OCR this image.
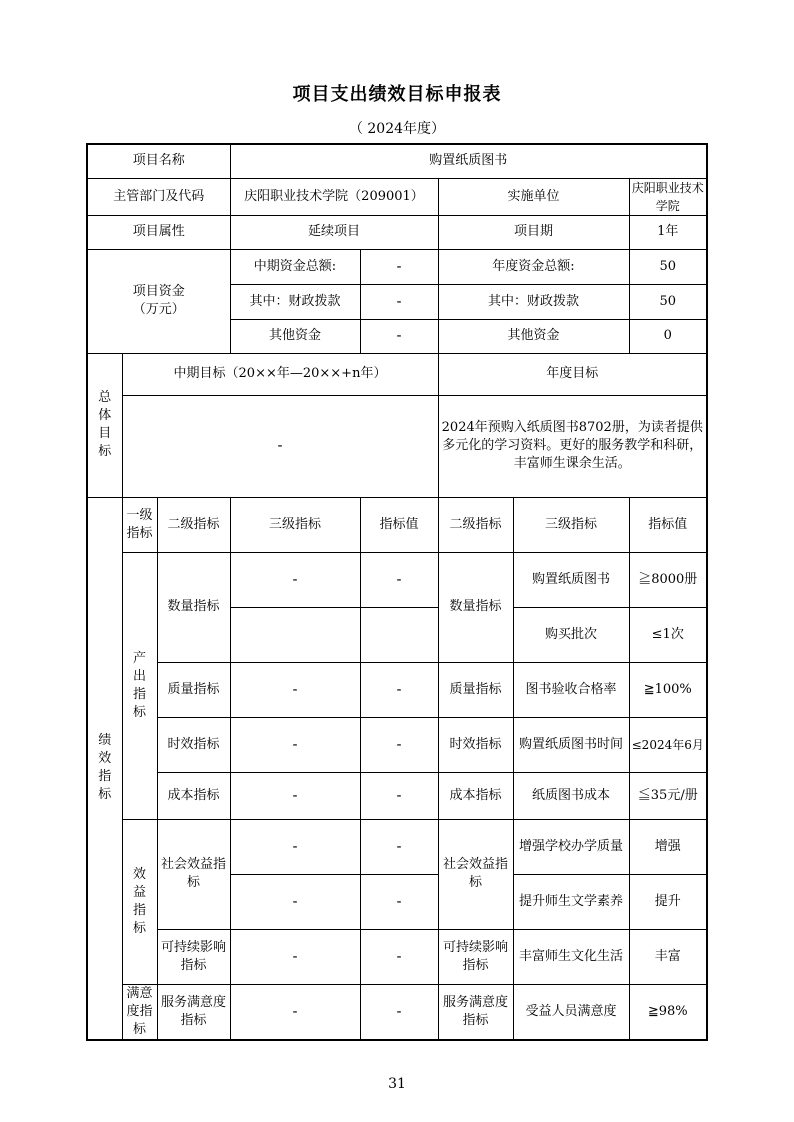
项目支出绩效目标申报表
（ 2024年度）
项目名称			购置纸质图书				
主管部门及代码			庆阳职业技术学院（209001）		实施单位		庆阳职业技术学院
项目属性			延续项目		项目期		1年
项目资金
（万元）			中期资金总额:	-	年度资金总额:		50
			其中：财政拨款	-	其中：财政拨款		50
			其他资金	-	其他资金		0
总体目标	中期目标（20××年—20××+n年）				年度目标		
	-				2024年预购入纸质图书8702册，为读者提供多元化的学习资料。更好的服务教学和科研，丰富师生课余生活。		
绩效指标	一级指标	二级指标	三级指标	指标值	二级指标	三级指标	指标值
	产出指标	数量指标	-	-	数量指标	购置纸质图书	≧8000册
						购买批次	≤1次
		质量指标	-	-	质量指标	图书验收合格率	≧100%
		时效指标	-	-	时效指标	购置纸质图书时间	≤2024年6月
		成本指标	-	-	成本指标	纸质图书成本	≦35元/册
	效益指标	社会效益指标	-	-	社会效益指标	增强学校办学质量	增强
			-	-		提升师生文学素养	提升
		可持续影响指标	-	-	可持续影响指标	丰富师生文化生活	丰富
	满意度指标	服务满意度指标	-	-	服务满意度指标	受益人员满意度	≧98%
31
